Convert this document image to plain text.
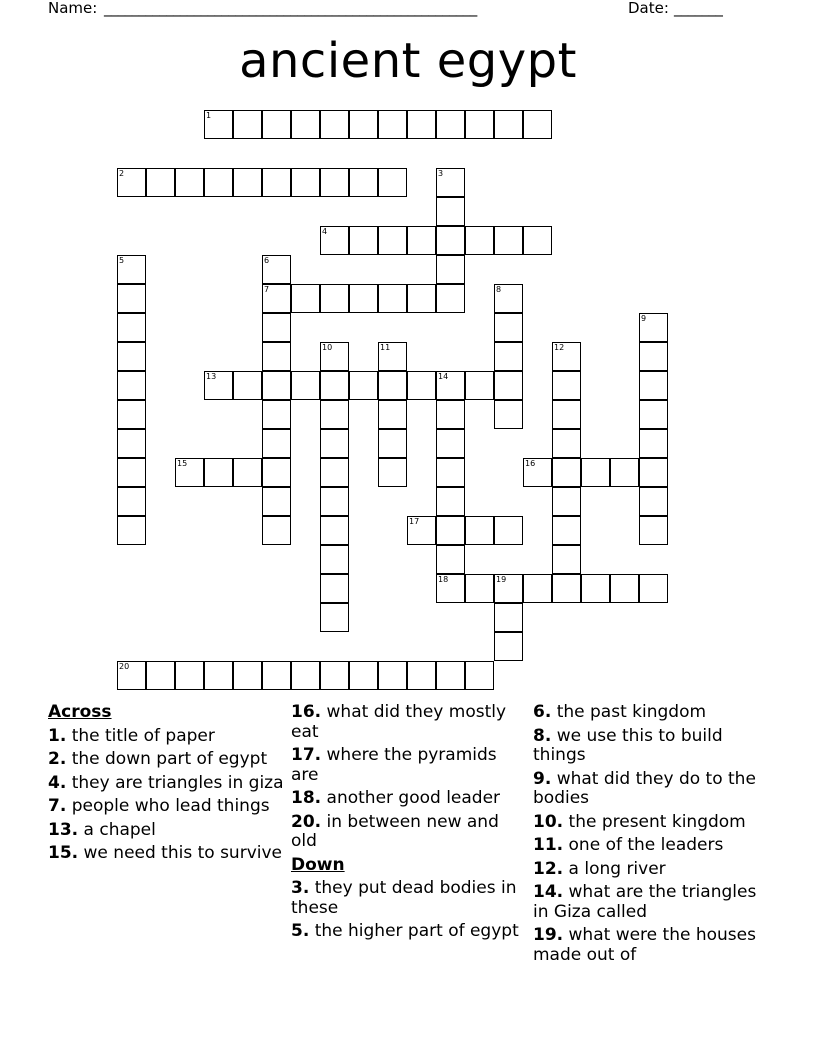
Name: ______________________________________________________	Date: _______
ancient egypt
1
2	3
4
5	6
7	8
9
10	11	12
13	14
18
15	16
17
19
20
Across
1. the title of paper
2. the down part of egypt
4. they are triangles in giza
7. people who lead things
13. a chapel
15. we need this to survive
16. what did they mostly eat
17. where the pyramids are
18. another good leader
20. in between new and old
Down
3. they put dead bodies in these
5. the higher part of egypt
6. the past kingdom
8. we use this to build things
9. what did they do to the bodies
10. the present kingdom
11. one of the leaders
12. a long river
14. what are the triangles in Giza called
19. what were the houses made out of
